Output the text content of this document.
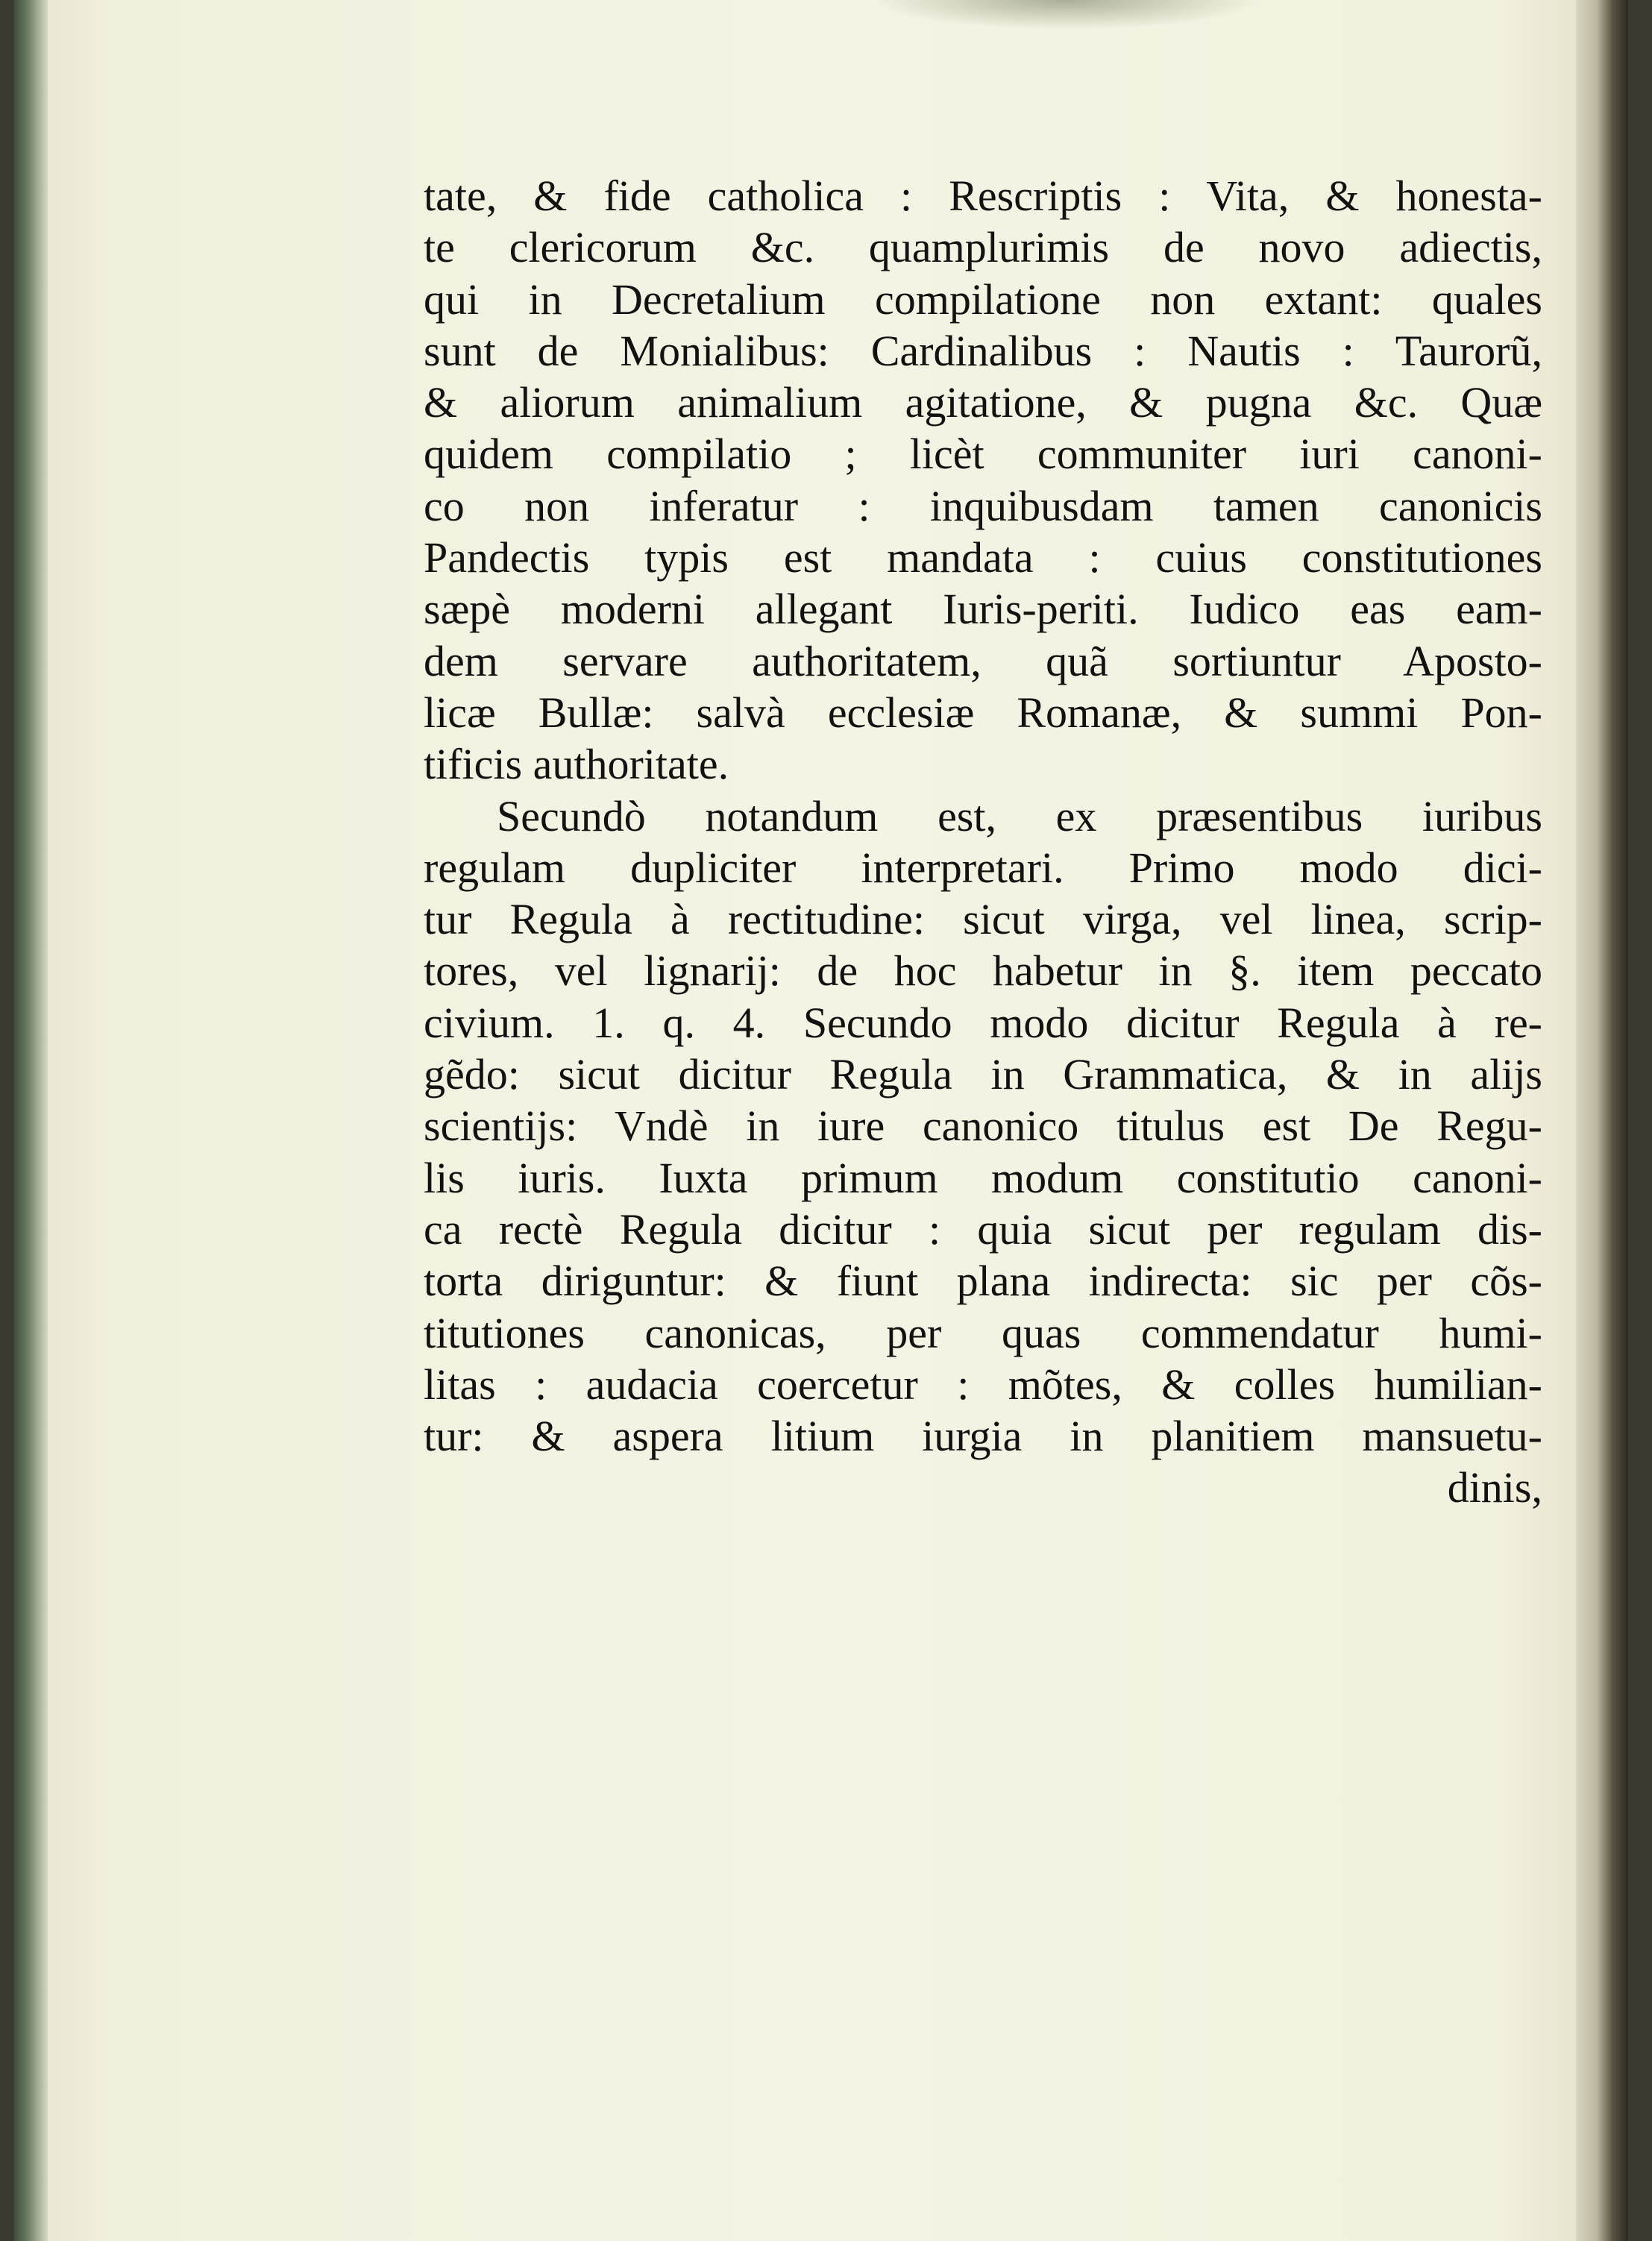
tate, & fide catholica : Rescriptis : Vita, & honesta-
te clericorum &c. quamplurimis de novo adiectis,
qui in Decretalium compilatione non extant: quales
sunt de Monialibus: Cardinalibus : Nautis : Taurorũ,
& aliorum animalium agitatione, & pugna &c. Quæ
quidem compilatio ; licèt communiter iuri canoni-
co non inferatur : inquibusdam tamen canonicis
Pandectis typis est mandata : cuius constitutiones
sæpè moderni allegant Iuris-periti. Iudico eas eam-
dem servare authoritatem, quã sortiuntur Aposto-
licæ Bullæ: salvà ecclesiæ Romanæ, & summi Pon-
tificis authoritate.
Secundò notandum est, ex præsentibus iuribus
regulam dupliciter interpretari. Primo modo dici-
tur Regula à rectitudine: sicut virga, vel linea, scrip-
tores, vel lignarij: de hoc habetur in §. item peccato
civium. 1. q. 4. Secundo modo dicitur Regula à re-
gẽdo: sicut dicitur Regula in Grammatica, & in alijs
scientijs: Vndè in iure canonico titulus est De Regu-
lis iuris. Iuxta primum modum constitutio canoni-
ca rectè Regula dicitur : quia sicut per regulam dis-
torta diriguntur: & fiunt plana indirecta: sic per cõs-
titutiones canonicas, per quas commendatur humi-
litas : audacia coercetur : mõtes, & colles humilian-
tur: & aspera litium iurgia in planitiem mansuetu-
dinis,
